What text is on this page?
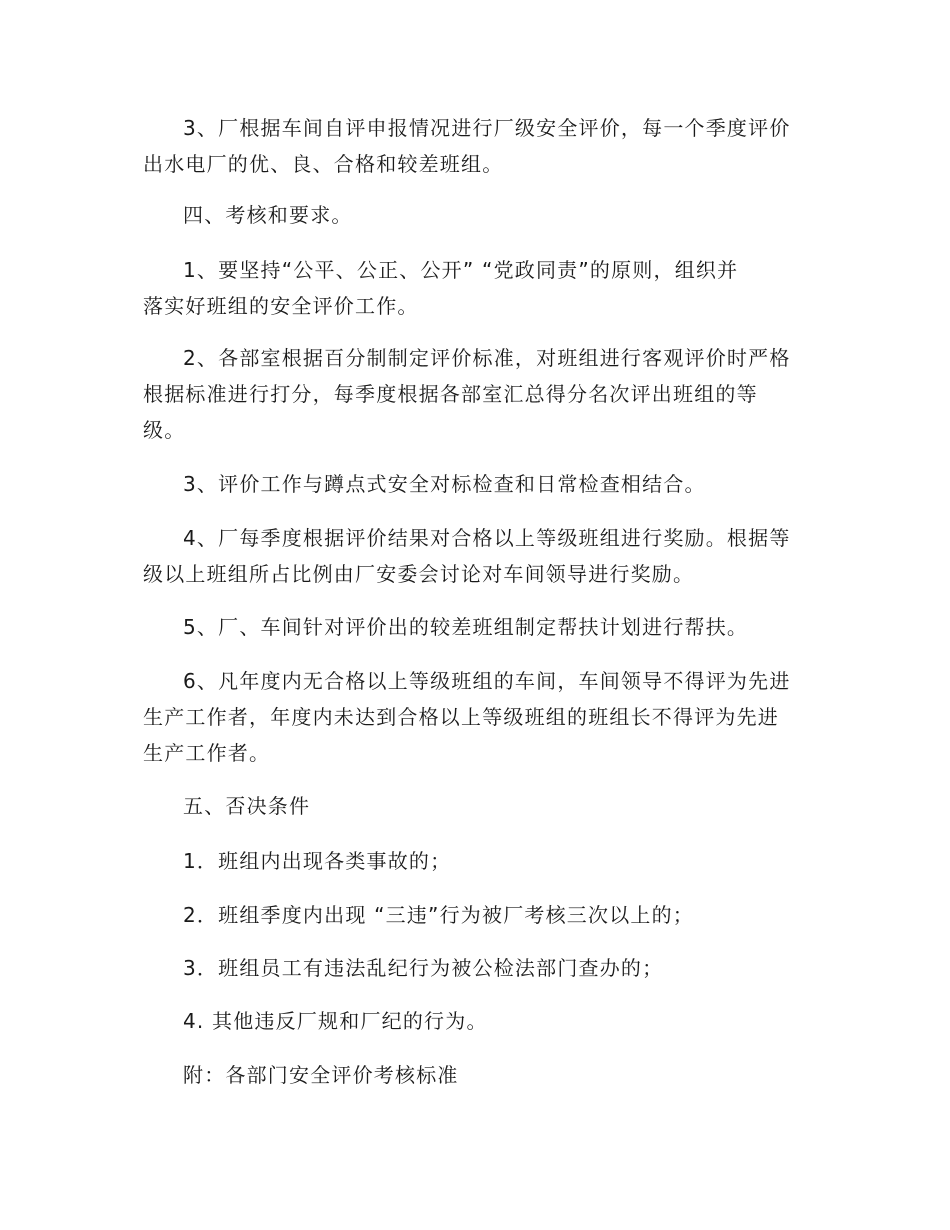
3、厂根据车间自评申报情况进行厂级安全评价，每一个季度评价
出水电厂的优、良、合格和较差班组。
四、考核和要求。
1、要坚持“公平、公正、公开” “党政同责”的原则，组织并
落实好班组的安全评价工作。
2、各部室根据百分制制定评价标准，对班组进行客观评价时严格
根据标准进行打分，每季度根据各部室汇总得分名次评出班组的等
级。
3、评价工作与蹲点式安全对标检查和日常检查相结合。
4、厂每季度根据评价结果对合格以上等级班组进行奖励。根据等
级以上班组所占比例由厂安委会讨论对车间领导进行奖励。
5、厂、车间针对评价出的较差班组制定帮扶计划进行帮扶。
6、凡年度内无合格以上等级班组的车间，车间领导不得评为先进
生产工作者，年度内未达到合格以上等级班组的班组长不得评为先进
生产工作者。
五、否决条件
1．班组内出现各类事故的；
2．班组季度内出现 “三违”行为被厂考核三次以上的；
3．班组员工有违法乱纪行为被公检法部门查办的；
4. 其他违反厂规和厂纪的行为。
附：各部门安全评价考核标准
